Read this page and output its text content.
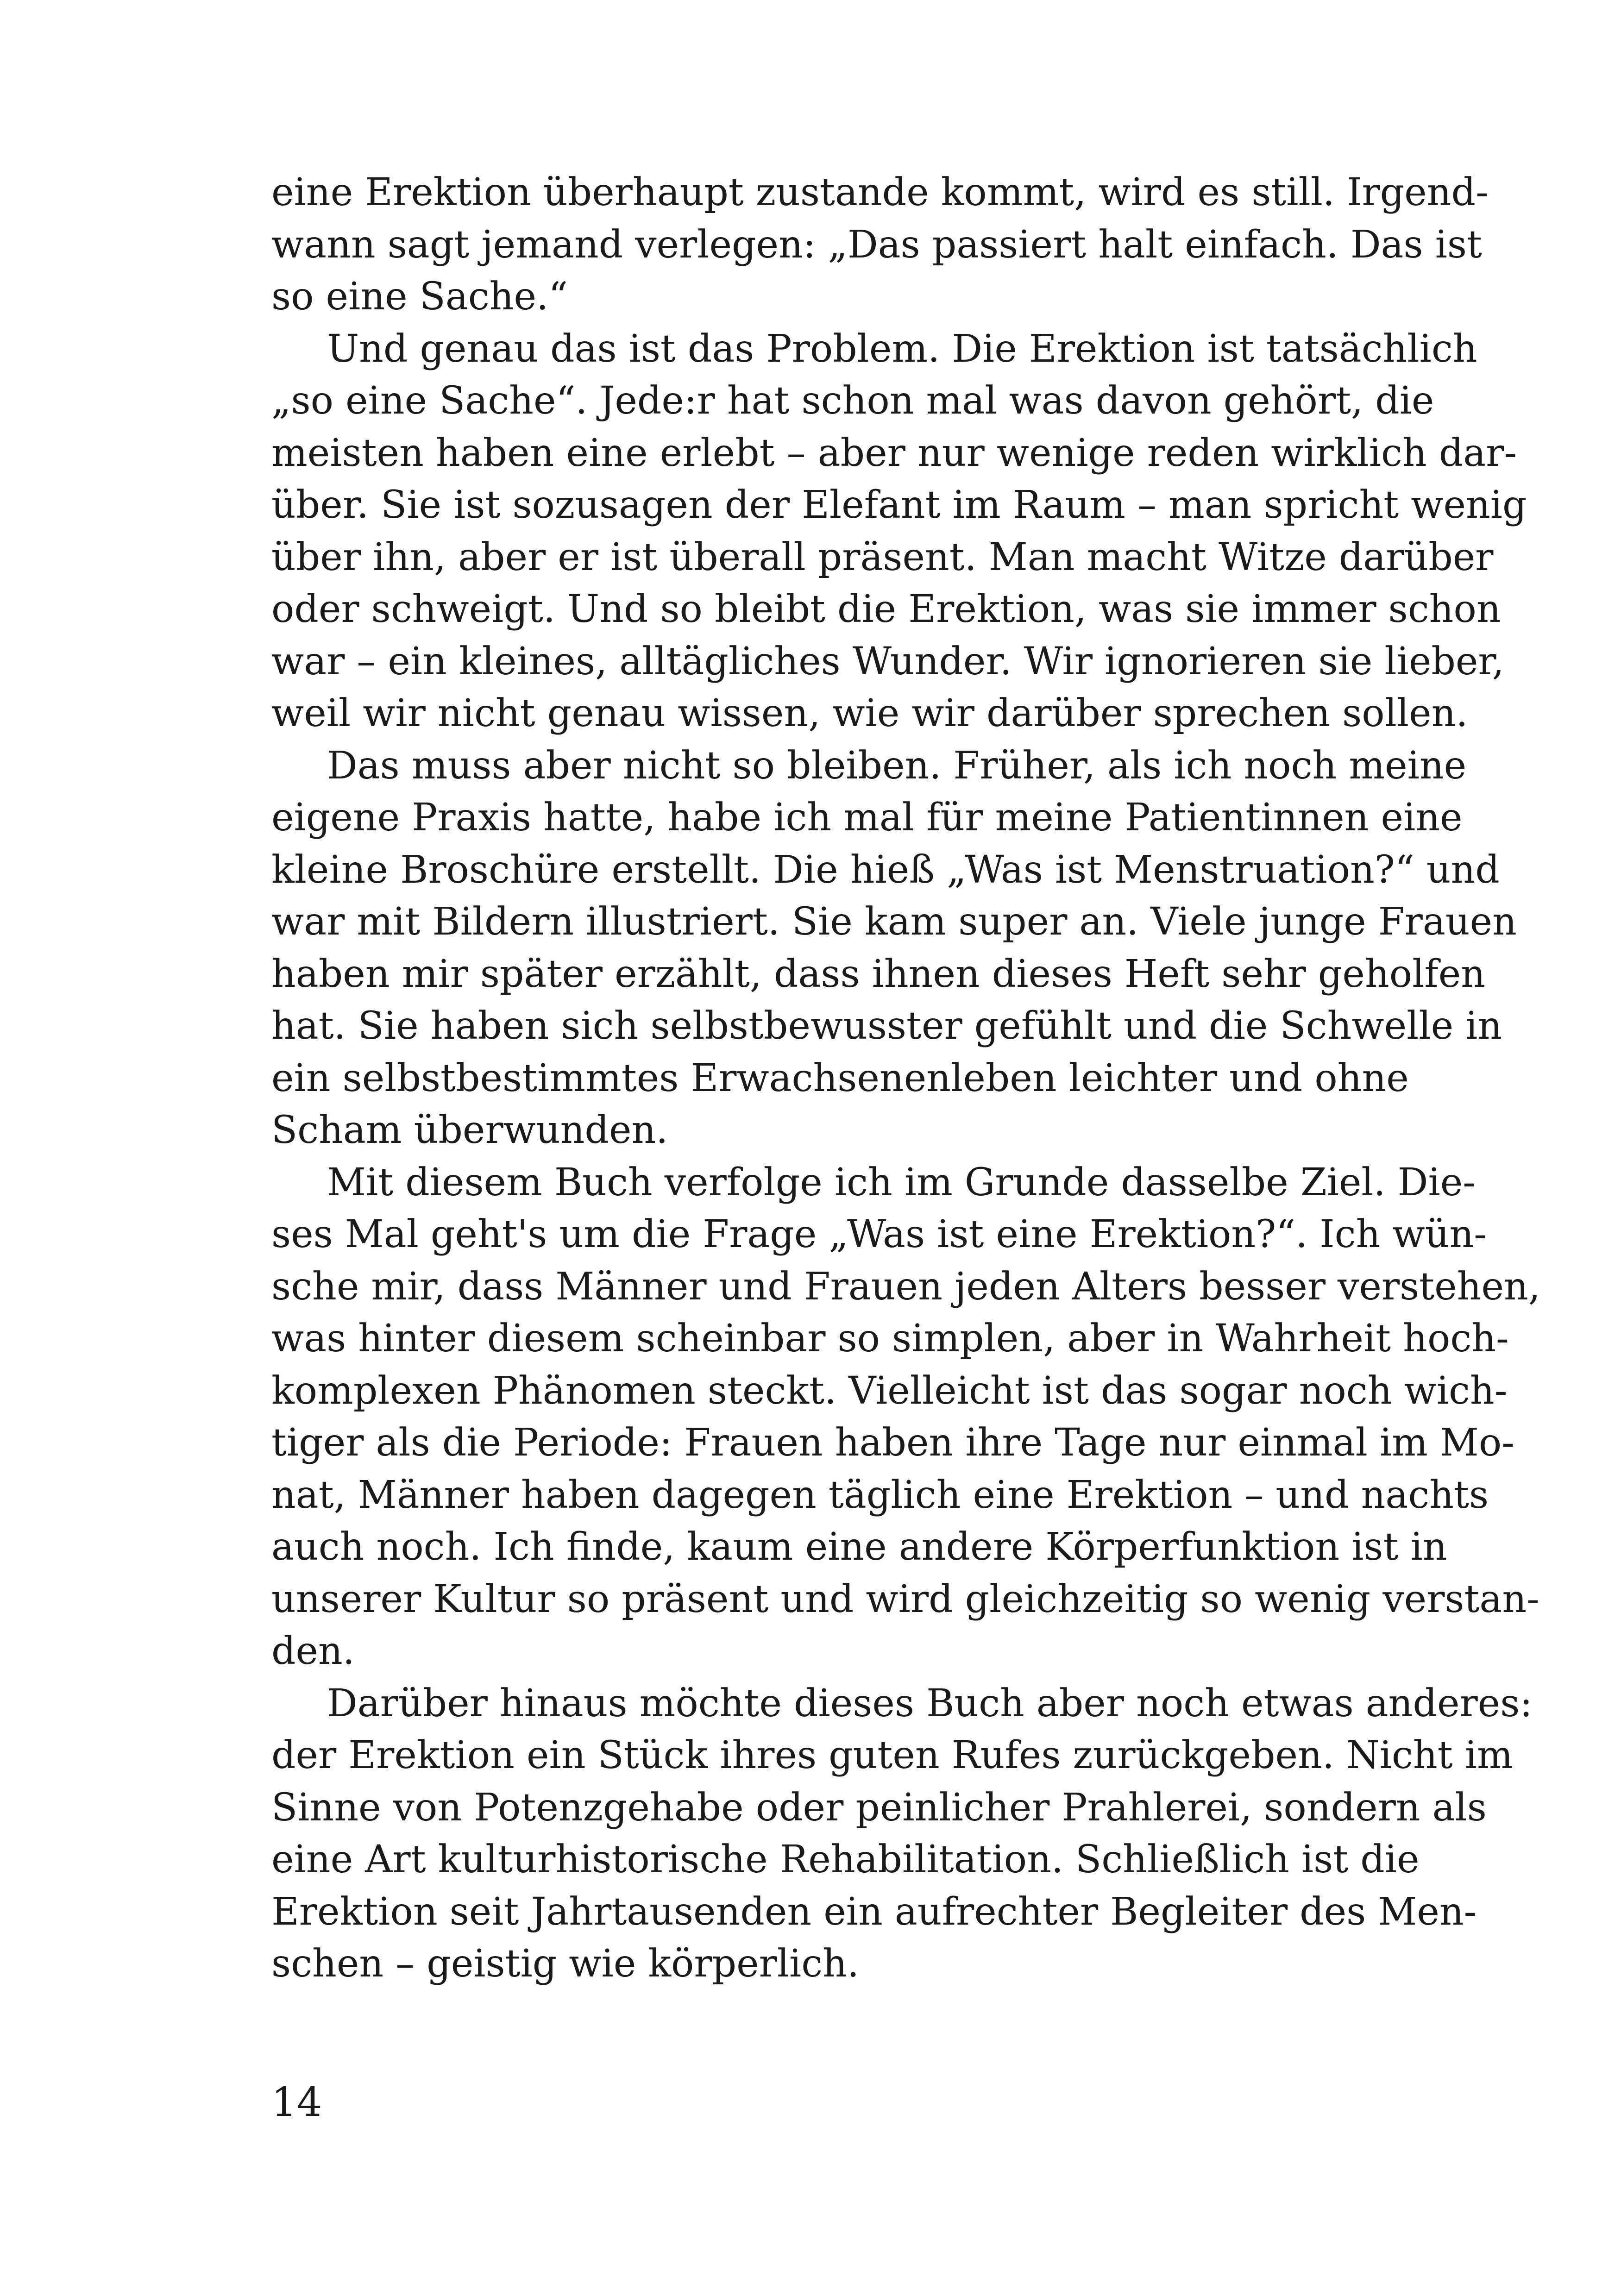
eine Erektion überhaupt zustande kommt, wird es still. Irgend-
wann sagt jemand verlegen: „Das passiert halt einfach. Das ist
so eine Sache.“
Und genau das ist das Problem. Die Erektion ist tatsächlich
„so eine Sache“. Jede:r hat schon mal was davon gehört, die
meisten haben eine erlebt – aber nur wenige reden wirklich dar-
über. Sie ist sozusagen der Elefant im Raum – man spricht wenig
über ihn, aber er ist überall präsent. Man macht Witze darüber
oder schweigt. Und so bleibt die Erektion, was sie immer schon
war – ein kleines, alltägliches Wunder. Wir ignorieren sie lieber,
weil wir nicht genau wissen, wie wir darüber sprechen sollen.
Das muss aber nicht so bleiben. Früher, als ich noch meine
eigene Praxis hatte, habe ich mal für meine Patientinnen eine
kleine Broschüre erstellt. Die hieß „Was ist Menstruation?“ und
war mit Bildern illustriert. Sie kam super an. Viele junge Frauen
haben mir später erzählt, dass ihnen dieses Heft sehr geholfen
hat. Sie haben sich selbstbewusster gefühlt und die Schwelle in
ein selbstbestimmtes Erwachsenenleben leichter und ohne
Scham überwunden.
Mit diesem Buch verfolge ich im Grunde dasselbe Ziel. Die-
ses Mal geht's um die Frage „Was ist eine Erektion?“. Ich wün-
sche mir, dass Männer und Frauen jeden Alters besser verstehen,
was hinter diesem scheinbar so simplen, aber in Wahrheit hoch-
komplexen Phänomen steckt. Vielleicht ist das sogar noch wich-
tiger als die Periode: Frauen haben ihre Tage nur einmal im Mo-
nat, Männer haben dagegen täglich eine Erektion – und nachts
auch noch. Ich finde, kaum eine andere Körperfunktion ist in
unserer Kultur so präsent und wird gleichzeitig so wenig verstan-
den.
Darüber hinaus möchte dieses Buch aber noch etwas anderes:
der Erektion ein Stück ihres guten Rufes zurückgeben. Nicht im
Sinne von Potenzgehabe oder peinlicher Prahlerei, sondern als
eine Art kulturhistorische Rehabilitation. Schließlich ist die
Erektion seit Jahrtausenden ein aufrechter Begleiter des Men-
schen – geistig wie körperlich.
14
